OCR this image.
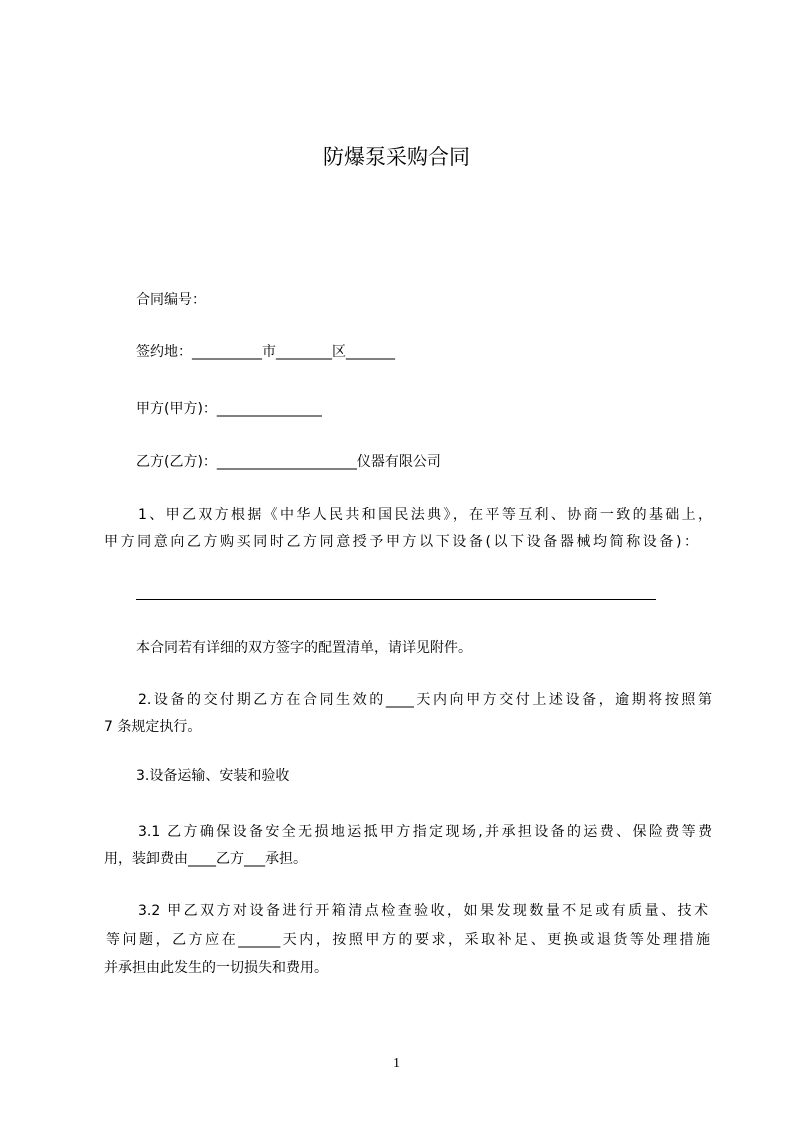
防爆泵采购合同
合同编号：
签约地：__________市________区_______
甲方(甲方)：_______________
乙方(乙方)：____________________仪器有限公司
1、甲乙双方根据《中华人民共和国民法典》，在平等互利、协商一致的基础上，
甲方同意向乙方购买同时乙方同意授予甲方以下设备(以下设备器械均简称设备)：
本合同若有详细的双方签字的配置清单，请详见附件。
2.设备的交付期乙方在合同生效的____天内向甲方交付上述设备，逾期将按照第
7 条规定执行。
3.设备运输、安装和验收
3.1 乙方确保设备安全无损地运抵甲方指定现场,并承担设备的运费、保险费等费
用，装卸费由____乙方___承担。
3.2 甲乙双方对设备进行开箱清点检查验收，如果发现数量不足或有质量、技术
等问题，乙方应在______天内，按照甲方的要求，采取补足、更换或退货等处理措施
并承担由此发生的一切损失和费用。
1
